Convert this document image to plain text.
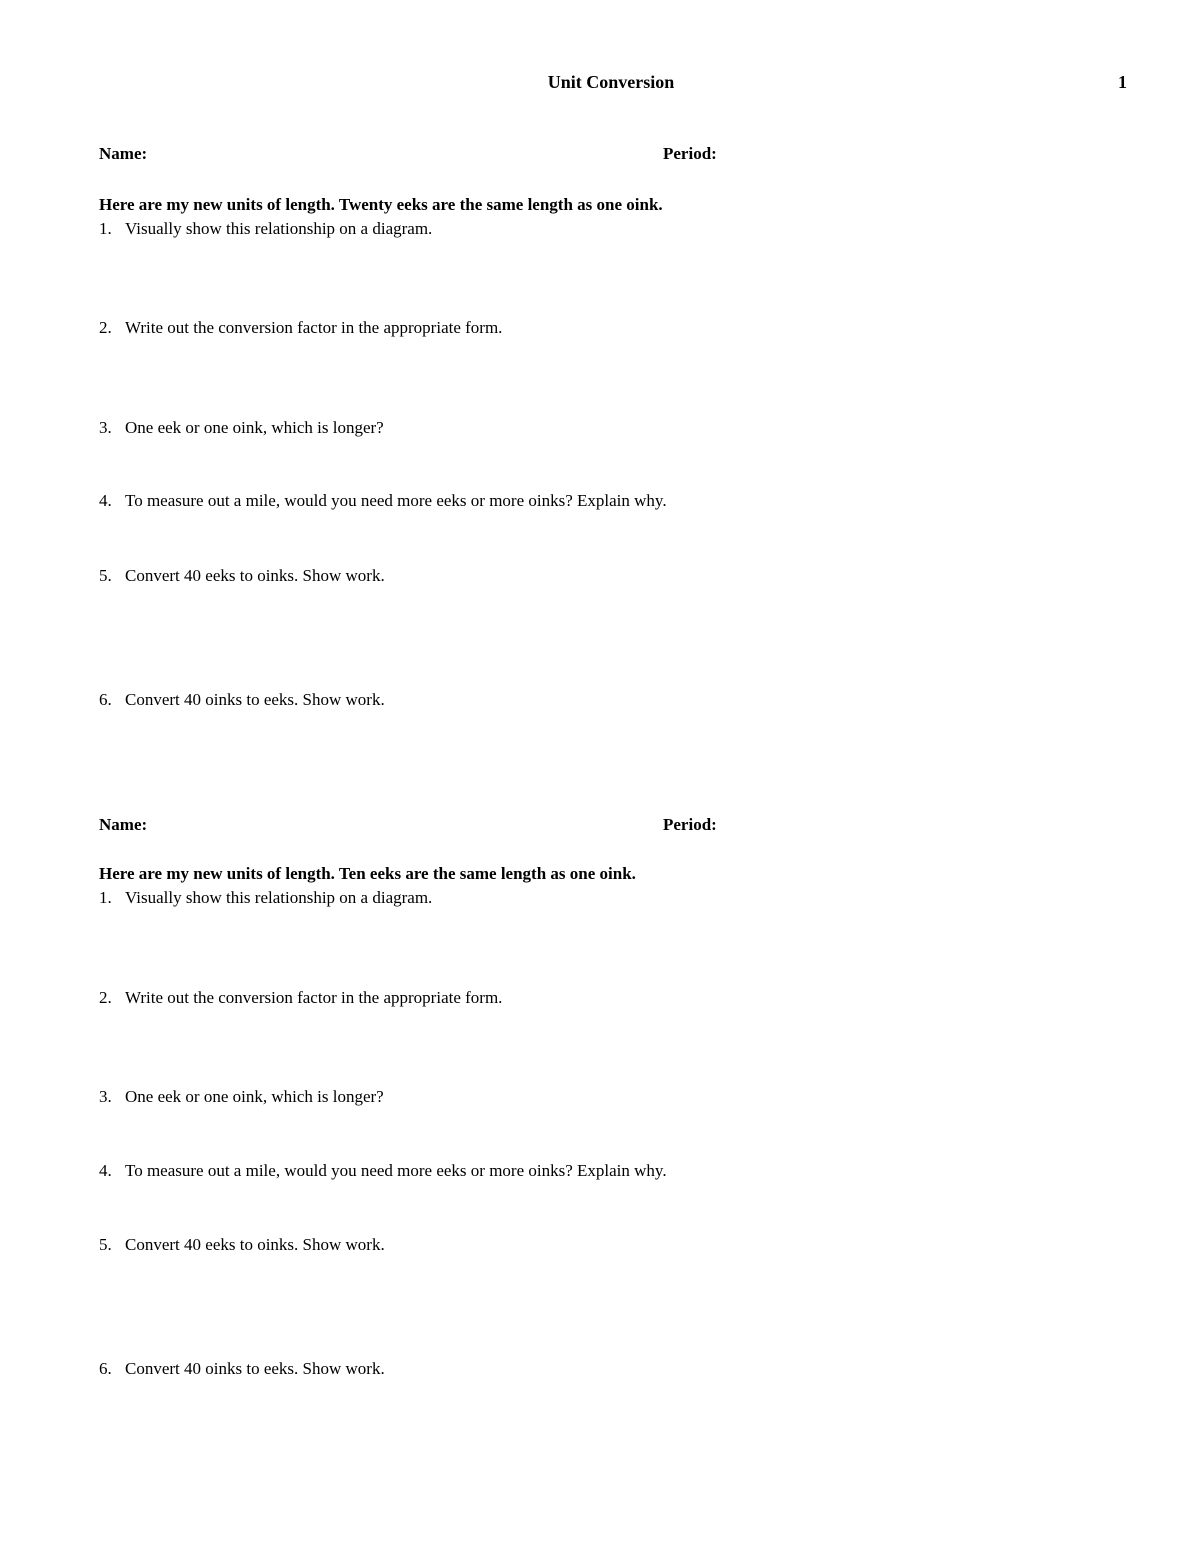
Unit Conversion	1
Name:	Period:
Here are my new units of length. Twenty eeks are the same length as one oink.
1. Visually show this relationship on a diagram.
2. Write out the conversion factor in the appropriate form.
3. One eek or one oink, which is longer?
4. To measure out a mile, would you need more eeks or more oinks? Explain why.
5. Convert 40 eeks to oinks. Show work.
6. Convert 40 oinks to eeks. Show work.
Name:	Period:
Here are my new units of length. Ten eeks are the same length as one oink.
1. Visually show this relationship on a diagram.
2. Write out the conversion factor in the appropriate form.
3. One eek or one oink, which is longer?
4. To measure out a mile, would you need more eeks or more oinks? Explain why.
5. Convert 40 eeks to oinks. Show work.
6. Convert 40 oinks to eeks. Show work.
